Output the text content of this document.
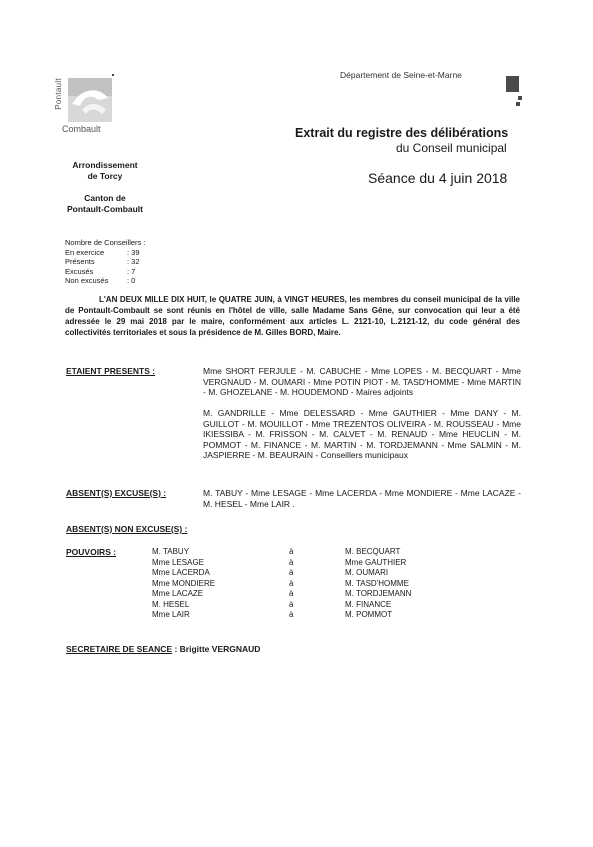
Pontault
Combault
Département de Seine-et-Marne
Extrait du registre des délibérations
du Conseil municipal
Séance du 4 juin 2018
Arrondissement
de Torcy
Canton de
Pontault-Combault
Nombre de Conseillers :
En exercice	: 39
Présents	: 32
Excusés	: 7
Non excusés	: 0
L'AN DEUX MILLE DIX HUIT, le QUATRE JUIN, à VINGT HEURES, les membres du conseil municipal de la ville de Pontault-Combault se sont réunis en l'hôtel de ville, salle Madame Sans Gêne, sur convocation qui leur a été adressée le 29 mai 2018 par le maire, conformément aux articles L. 2121-10, L.2121-12, du code général des collectivités territoriales et sous la présidence de M. Gilles BORD, Maire.
ETAIENT PRESENTS :	Mme SHORT FERJULE - M. CABUCHE - Mme LOPES - M. BECQUART - Mme VERGNAUD - M. OUMARI - Mme POTIN PIOT - M. TASD'HOMME - Mme MARTIN - M. GHOZELANE - M. HOUDEMOND - Maires adjoints
M. GANDRILLE - Mme DELESSARD - Mme GAUTHIER - Mme DANY - M. GUILLOT - M. MOUILLOT - Mme TREZENTOS OLIVEIRA - M. ROUSSEAU - Mme IKIESSIBA - M. FRISSON - M. CALVET - M. RENAUD - Mme HEUCLIN - M. POMMOT - M. FINANCE - M. MARTIN - M. TORDJEMANN - Mme SALMIN - M. JASPIERRE - M. BEAURAIN - Conseillers municipaux
ABSENT(S) EXCUSE(S) :	M. TABUY - Mme LESAGE - Mme LACERDA - Mme MONDIERE - Mme LACAZE - M. HESEL - Mme LAIR .
ABSENT(S) NON EXCUSE(S) :
POUVOIRS :	M. TABUY	à	M. BECQUART
Mme LESAGE	à	Mme GAUTHIER
Mme LACERDA	à	M. OUMARI
Mme MONDIERE	à	M. TASD'HOMME
Mme LACAZE	à	M. TORDJEMANN
M. HESEL	à	M. FINANCE
Mme LAIR	à	M. POMMOT
SECRETAIRE DE SEANCE : Brigitte VERGNAUD
